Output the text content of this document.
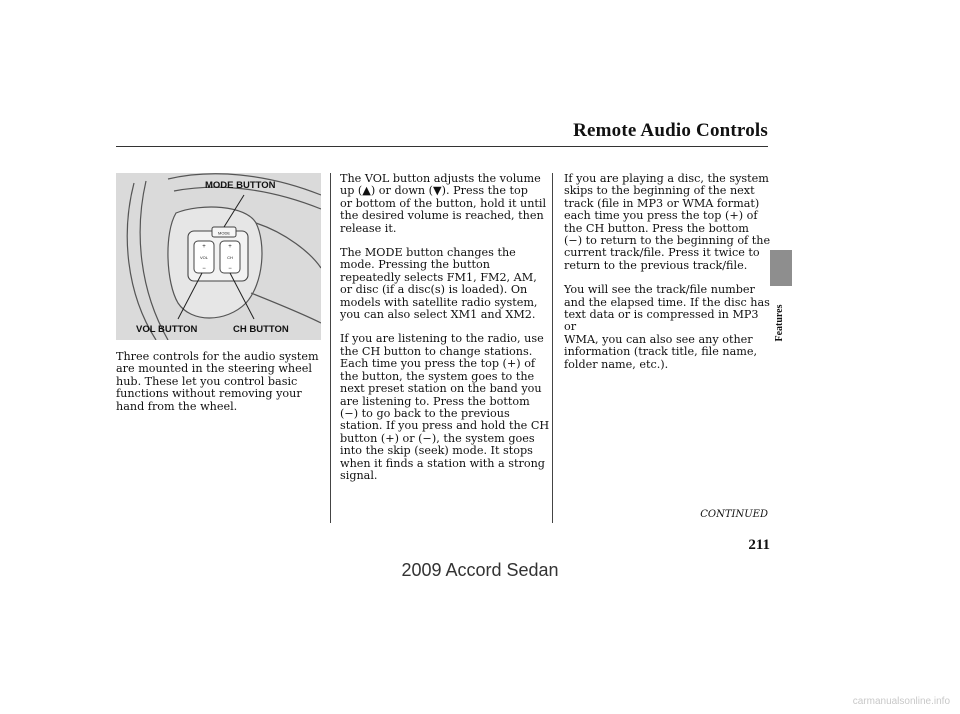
Remote Audio Controls
Features
MODE
+
VOL
−
+
CH
−
MODE BUTTON
VOL BUTTON	CH BUTTON

Three controls for the audio system
are mounted in the steering wheel
hub. These let you control basic
functions without removing your
hand from the wheel.

The VOL button adjusts the volume
up (▲) or down (▼). Press the top
or bottom of the button, hold it until
the desired volume is reached, then
release it.

The MODE button changes the
mode. Pressing the button
repeatedly selects FM1, FM2, AM,
or disc (if a disc(s) is loaded). On
models with satellite radio system,
you can also select XM1 and XM2.

If you are listening to the radio, use
the CH button to change stations.
Each time you press the top (+) of
the button, the system goes to the
next preset station on the band you
are listening to. Press the bottom
(−) to go back to the previous
station. If you press and hold the CH
button (+) or (−), the system goes
into the skip (seek) mode. It stops
when it finds a station with a strong
signal.

If you are playing a disc, the system
skips to the beginning of the next
track (file in MP3 or WMA format)
each time you press the top (+) of
the CH button. Press the bottom
(−) to return to the beginning of the
current track/file. Press it twice to
return to the previous track/file.

You will see the track/file number
and the elapsed time. If the disc has
text data or is compressed in MP3 or
WMA, you can also see any other
information (track title, file name,
folder name, etc.).

CONTINUED
211
2009 Accord Sedan
carmanualsonline.info
